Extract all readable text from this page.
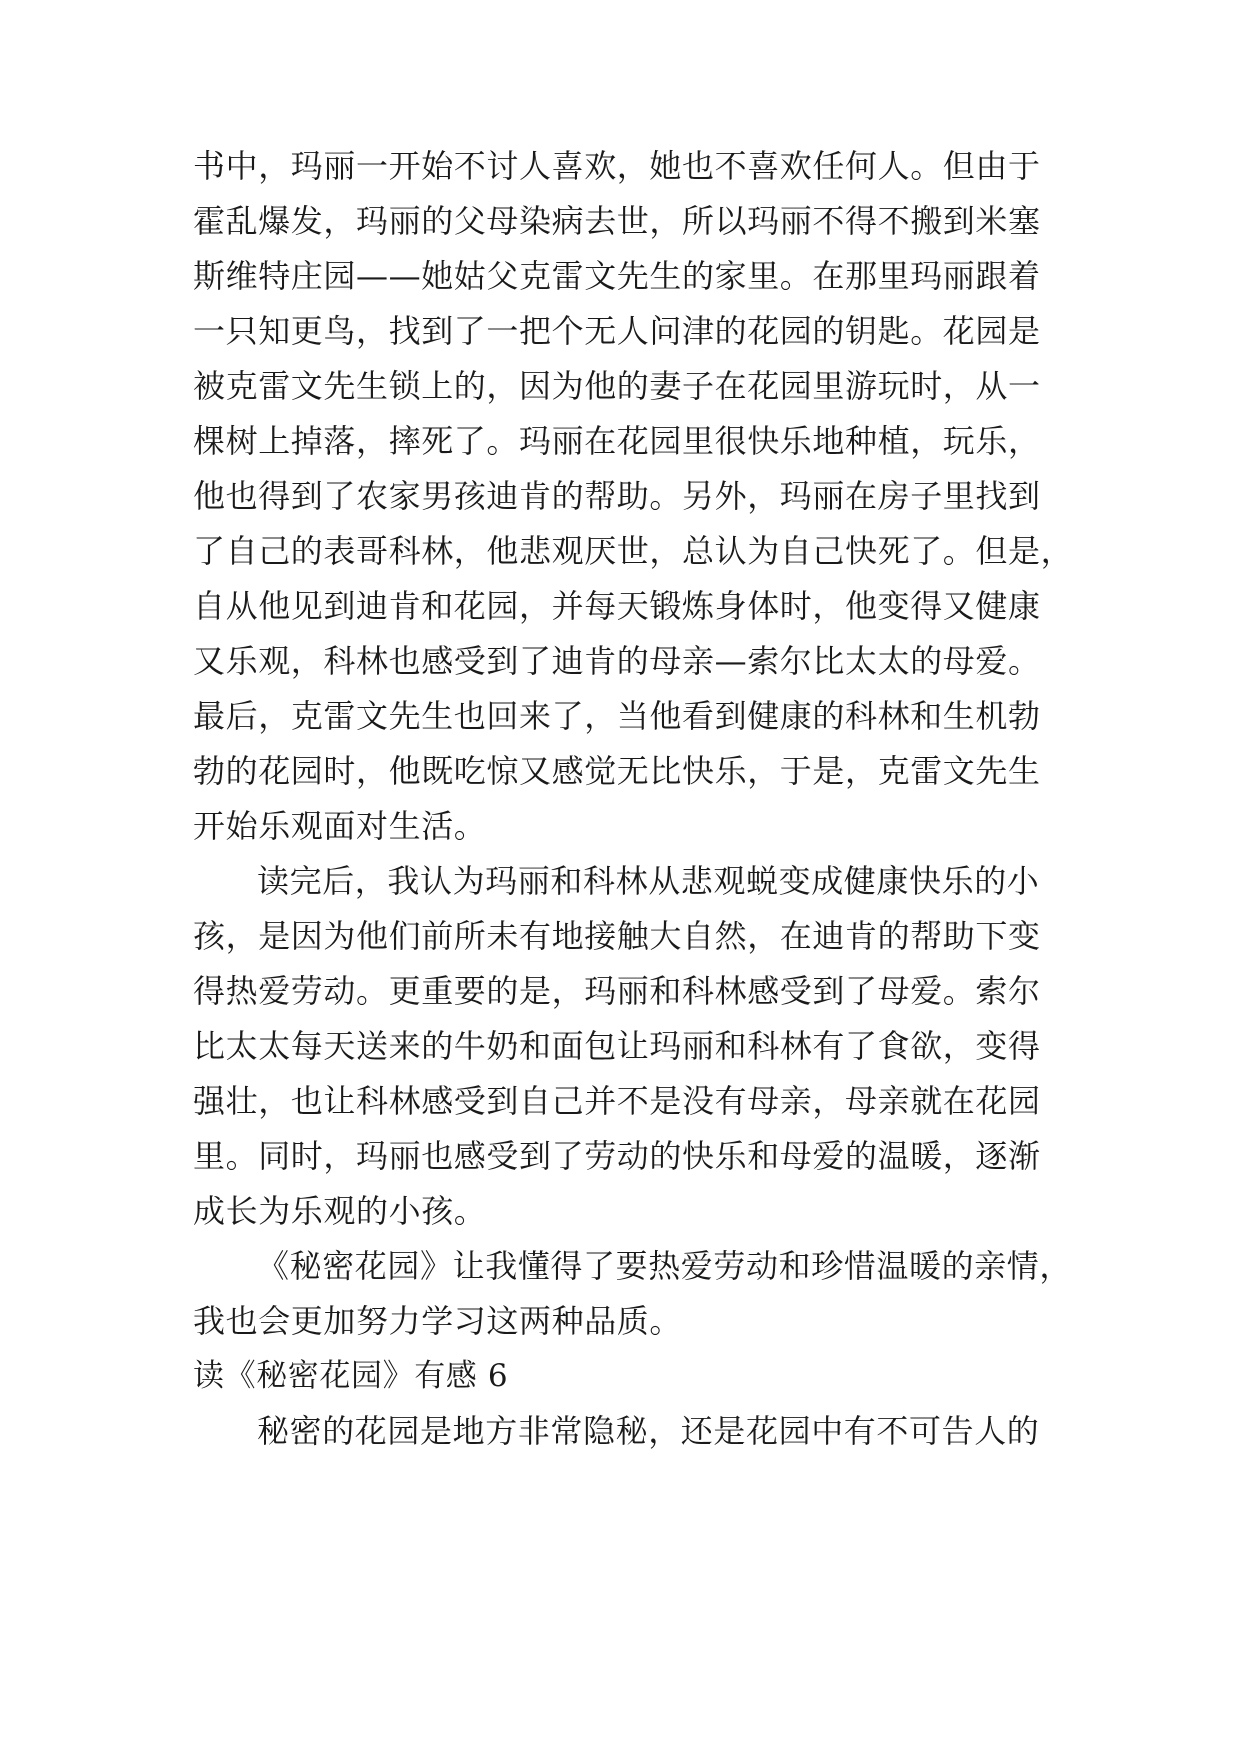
书中，玛丽一开始不讨人喜欢，她也不喜欢任何人。但由于
霍乱爆发，玛丽的父母染病去世，所以玛丽不得不搬到米塞
斯维特庄园——她姑父克雷文先生的家里。在那里玛丽跟着
一只知更鸟，找到了一把个无人问津的花园的钥匙。花园是
被克雷文先生锁上的，因为他的妻子在花园里游玩时，从一
棵树上掉落，摔死了。玛丽在花园里很快乐地种植，玩乐，
他也得到了农家男孩迪肯的帮助。另外，玛丽在房子里找到
了自己的表哥科林，他悲观厌世，总认为自己快死了。但是，
自从他见到迪肯和花园，并每天锻炼身体时，他变得又健康
又乐观，科林也感受到了迪肯的母亲—索尔比太太的母爱。
最后，克雷文先生也回来了，当他看到健康的科林和生机勃
勃的花园时，他既吃惊又感觉无比快乐，于是，克雷文先生
开始乐观面对生活。
读完后，我认为玛丽和科林从悲观蜕变成健康快乐的小
孩，是因为他们前所未有地接触大自然，在迪肯的帮助下变
得热爱劳动。更重要的是，玛丽和科林感受到了母爱。索尔
比太太每天送来的牛奶和面包让玛丽和科林有了食欲，变得
强壮，也让科林感受到自己并不是没有母亲，母亲就在花园
里。同时，玛丽也感受到了劳动的快乐和母爱的温暖，逐渐
成长为乐观的小孩。
《秘密花园》让我懂得了要热爱劳动和珍惜温暖的亲情，
我也会更加努力学习这两种品质。
读《秘密花园》有感 6
秘密的花园是地方非常隐秘，还是花园中有不可告人的
